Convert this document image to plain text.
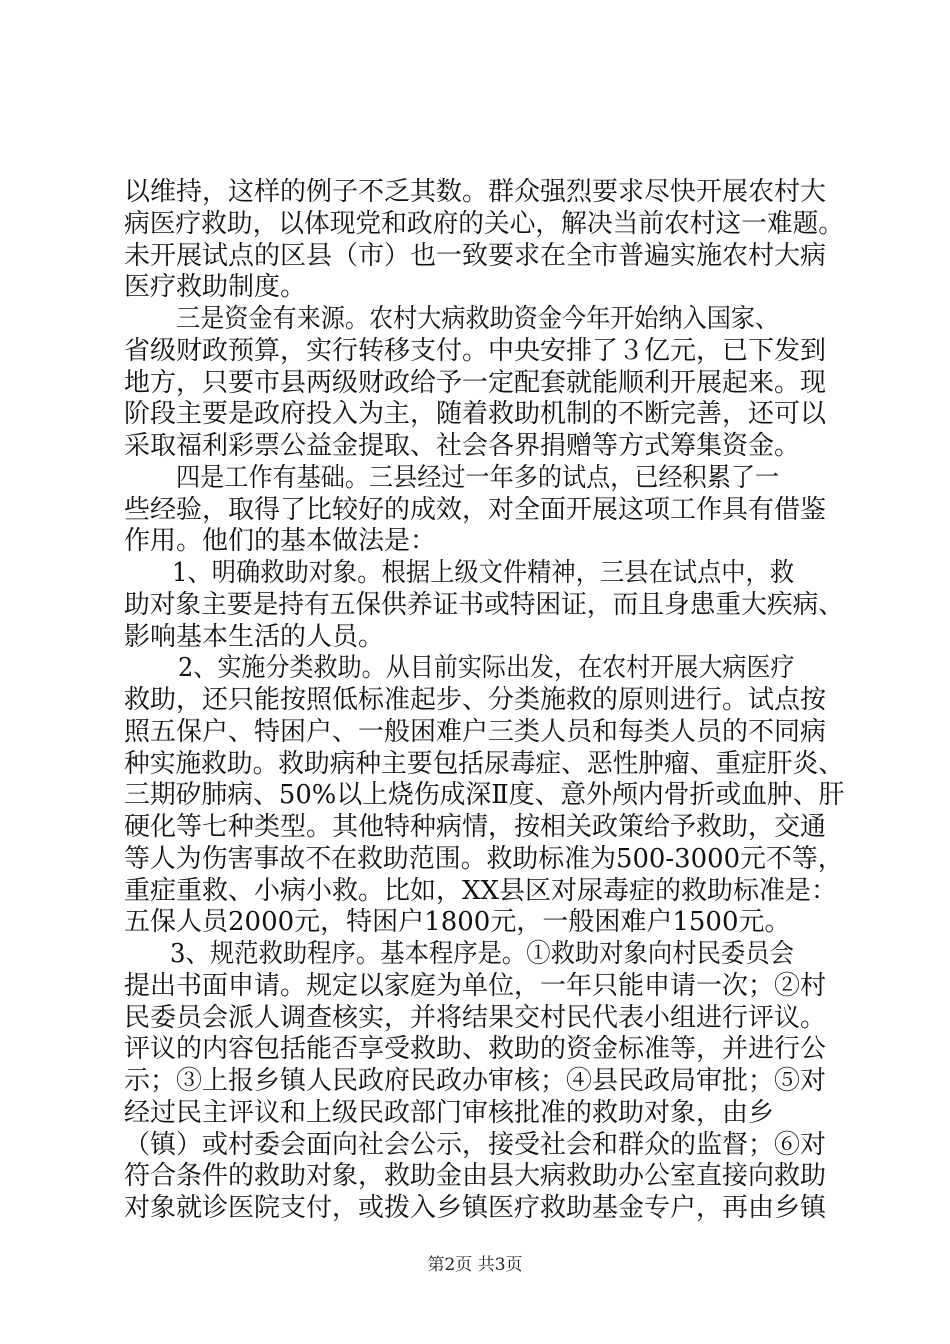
以维持，这样的例子不乏其数。群众强烈要求尽快开展农村大
病医疗救助，以体现党和政府的关心，解决当前农村这一难题。
未开展试点的区县（市）也一致要求在全市普遍实施农村大病
医疗救助制度。
三是资金有来源。农村大病救助资金今年开始纳入国家、
省级财政预算，实行转移支付。中央安排了３亿元，已下发到
地方，只要市县两级财政给予一定配套就能顺利开展起来。现
阶段主要是政府投入为主，随着救助机制的不断完善，还可以
采取福利彩票公益金提取、社会各界捐赠等方式筹集资金。
四是工作有基础。三县经过一年多的试点，已经积累了一
些经验，取得了比较好的成效，对全面开展这项工作具有借鉴
作用。他们的基本做法是：
1、明确救助对象。根据上级文件精神，三县在试点中，救
助对象主要是持有五保供养证书或特困证，而且身患重大疾病、
影响基本生活的人员。
2、实施分类救助。从目前实际出发，在农村开展大病医疗
救助，还只能按照低标准起步、分类施救的原则进行。试点按
照五保户、特困户、一般困难户三类人员和每类人员的不同病
种实施救助。救助病种主要包括尿毒症、恶性肿瘤、重症肝炎、
三期矽肺病、50%以上烧伤成深Ⅱ度、意外颅内骨折或血肿、肝
硬化等七种类型。其他特种病情，按相关政策给予救助，交通
等人为伤害事故不在救助范围。救助标准为500-3000元不等，
重症重救、小病小救。比如，XX县区对尿毒症的救助标准是：
五保人员2000元，特困户1800元，一般困难户1500元。
3、规范救助程序。基本程序是。①救助对象向村民委员会
提出书面申请。规定以家庭为单位，一年只能申请一次；②村
民委员会派人调查核实，并将结果交村民代表小组进行评议。
评议的内容包括能否享受救助、救助的资金标准等，并进行公
示；③上报乡镇人民政府民政办审核；④县民政局审批；⑤对
经过民主评议和上级民政部门审核批准的救助对象，由乡
（镇）或村委会面向社会公示，接受社会和群众的监督；⑥对
符合条件的救助对象，救助金由县大病救助办公室直接向救助
对象就诊医院支付，或拨入乡镇医疗救助基金专户，再由乡镇
第2页 共3页
